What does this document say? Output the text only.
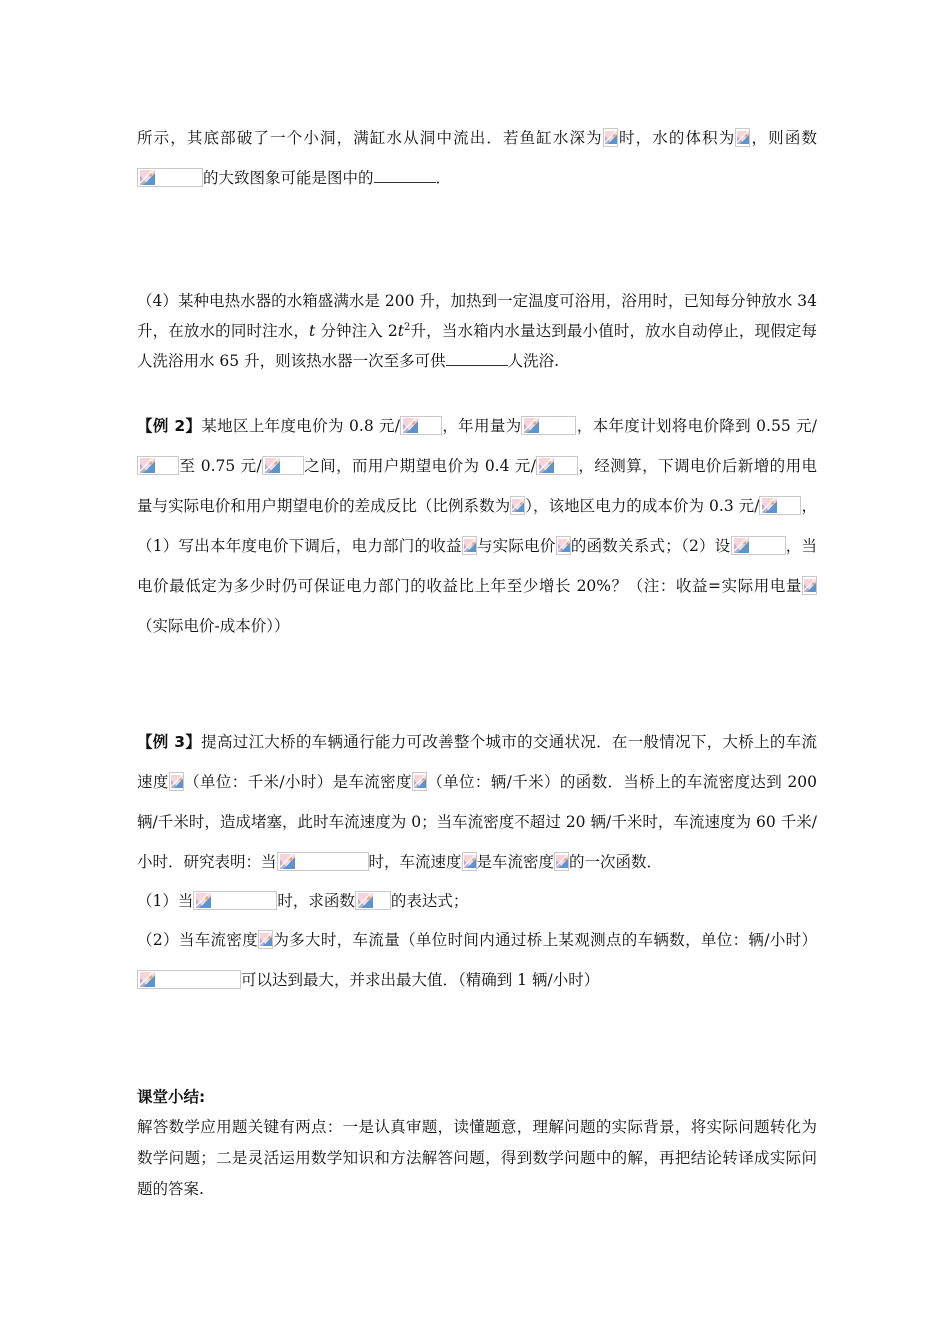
所示，其底部破了一个小洞，满缸水从洞中流出．若鱼缸水深为 时，水的体积为 ，则函数
的大致图象可能是图中的	．

（4）某种电热水器的水箱盛满水是 200 升，加热到一定温度可浴用，浴用时，已知每分钟放水 34 升，在放水的同时注水，t 分钟注入 $2t^2$升，当水箱内水量达到最小值时，放水自动停止，现假定每人洗浴用水 65 升，则该热水器一次至多可供	人洗浴.

【例 2】某地区上年度电价为 0.8 元/	，年用量为	，本年度计划将电价降到 0.55 元/
至 0.75 元/	之间，而用户期望电价为 0.4 元/	，经测算，下调电价后新增的用电量与实际电价和用户期望电价的差成反比（比例系数为 ），该地区电力的成本价为 0.3 元/	，（1）写出本年度电价下调后，电力部门的收益 与实际电价 的函数关系式；（2）设	，当电价最低定为多少时仍可保证电力部门的收益比上年至少增长 20%？（注：收益=实际用电量
（实际电价-成本价））

【例 3】提高过江大桥的车辆通行能力可改善整个城市的交通状况．在一般情况下，大桥上的车流速度 （单位：千米/小时）是车流密度 （单位：辆/千米）的函数．当桥上的车流密度达到 200 辆/千米时，造成堵塞，此时车流速度为 0；当车流密度不超过 20 辆/千米时，车流速度为 60 千米/小时．研究表明：当	时，车流速度 是车流密度 的一次函数．

（1）当	时，求函数 的表达式；

（2）当车流密度 为多大时，车流量（单位时间内通过桥上某观测点的车辆数，单位：辆/小时）
可以达到最大，并求出最大值．（精确到 1 辆/小时）

课堂小结:

解答数学应用题关键有两点：一是认真审题，读懂题意，理解问题的实际背景，将实际问题转化为数学问题；二是灵活运用数学知识和方法解答问题，得到数学问题中的解，再把结论转译成实际问题的答案.
